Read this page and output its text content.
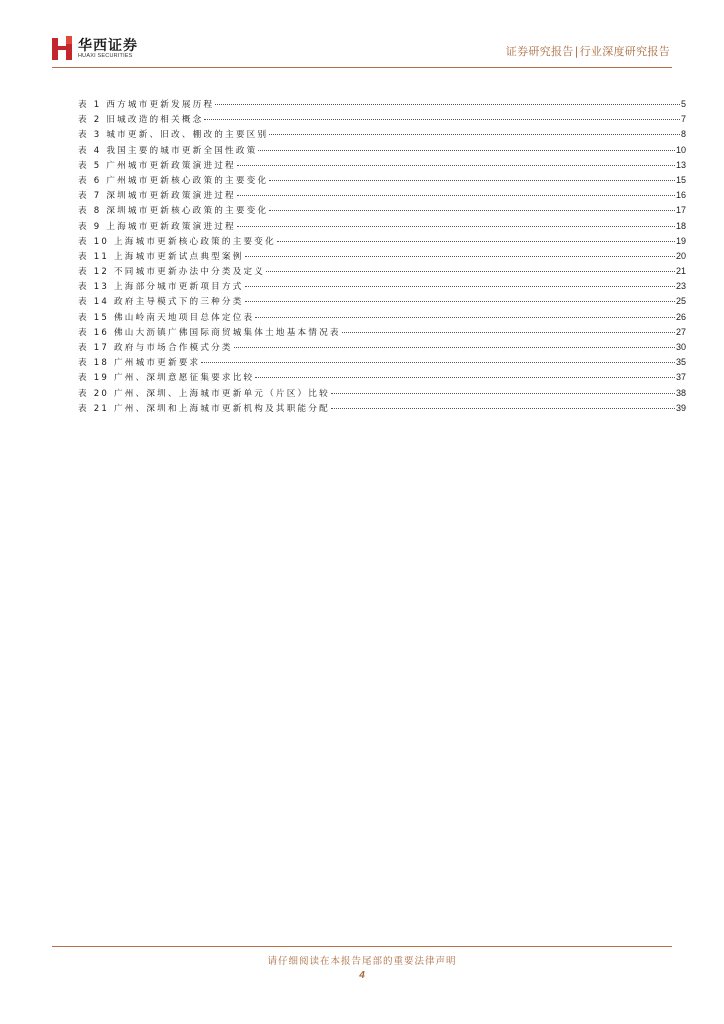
华西证券
HUAXI SECURITIES	证券研究报告|行业深度研究报告
表 1 西方城市更新发展历程	5
表 2 旧城改造的相关概念	7
表 3 城市更新、旧改、棚改的主要区别	8
表 4 我国主要的城市更新全国性政策	10
表 5 广州城市更新政策演进过程	13
表 6 广州城市更新核心政策的主要变化	15
表 7 深圳城市更新政策演进过程	16
表 8 深圳城市更新核心政策的主要变化	17
表 9 上海城市更新政策演进过程	18
表 10 上海城市更新核心政策的主要变化	19
表 11 上海城市更新试点典型案例	20
表 12 不同城市更新办法中分类及定义	21
表 13 上海部分城市更新项目方式	23
表 14 政府主导模式下的三种分类	25
表 15 佛山岭南天地项目总体定位表	26
表 16 佛山大沥镇广佛国际商贸城集体土地基本情况表	27
表 17 政府与市场合作模式分类	30
表 18 广州城市更新要求	35
表 19 广州、深圳意愿征集要求比较	37
表 20 广州、深圳、上海城市更新单元（片区）比较	38
表 21 广州、深圳和上海城市更新机构及其职能分配	39
请仔细阅读在本报告尾部的重要法律声明
4
